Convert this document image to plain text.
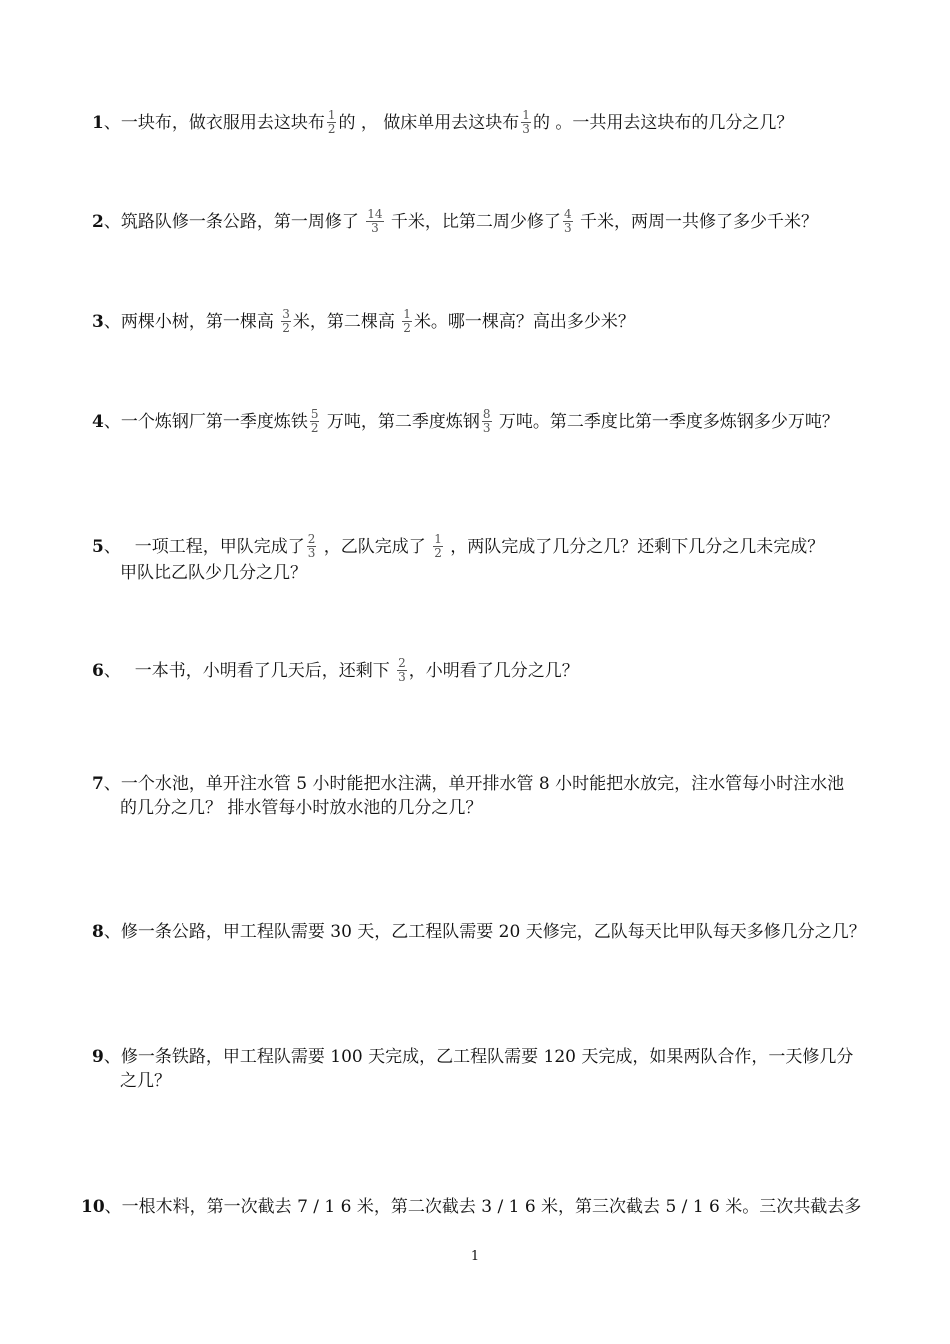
1、一块布，做衣服用去这块布 $\frac{1}{2}$ 的 ， 做床单用去这块布 $\frac{1}{3}$ 的 。一共用去这块布的几分之几？
2、筑路队修一条公路，第一周修了 $\frac{14}{3}$ 千米，比第二周少修了 $\frac{4}{3}$ 千米，两周一共修了多少千米？
3、两棵小树，第一棵高 $\frac{3}{2}$ 米，第二棵高 $\frac{1}{2}$ 米。哪一棵高？高出多少米？
4、一个炼钢厂第一季度炼铁 $\frac{5}{2}$ 万吨，第二季度炼钢 $\frac{8}{3}$ 万吨。第二季度比第一季度多炼钢多少万吨？
5、　 一项工程，甲队完成了 $\frac{2}{3}$ ，乙队完成了 $\frac{1}{2}$ ，两队完成了几分之几？还剩下几分之几未完成？
甲队比乙队少几分之几？
6、　 一本书，小明看了几天后，还剩下 $\frac{2}{3}$ ，小明看了几分之几？
7、一个水池，单开注水管 5 小时能把水注满，单开排水管 8 小时能把水放完，注水管每小时注水池
的几分之几？ 排水管每小时放水池的几分之几？
8、修一条公路，甲工程队需要 30 天，乙工程队需要 20 天修完，乙队每天比甲队每天多修几分之几？
9、修一条铁路，甲工程队需要 100 天完成，乙工程队需要 120 天完成，如果两队合作，一天修几分
之几？
10、一根木料，第一次截去 7 / 1 6 米，第二次截去 3 / 1 6 米，第三次截去 5 / 1 6 米。三次共截去多
1
